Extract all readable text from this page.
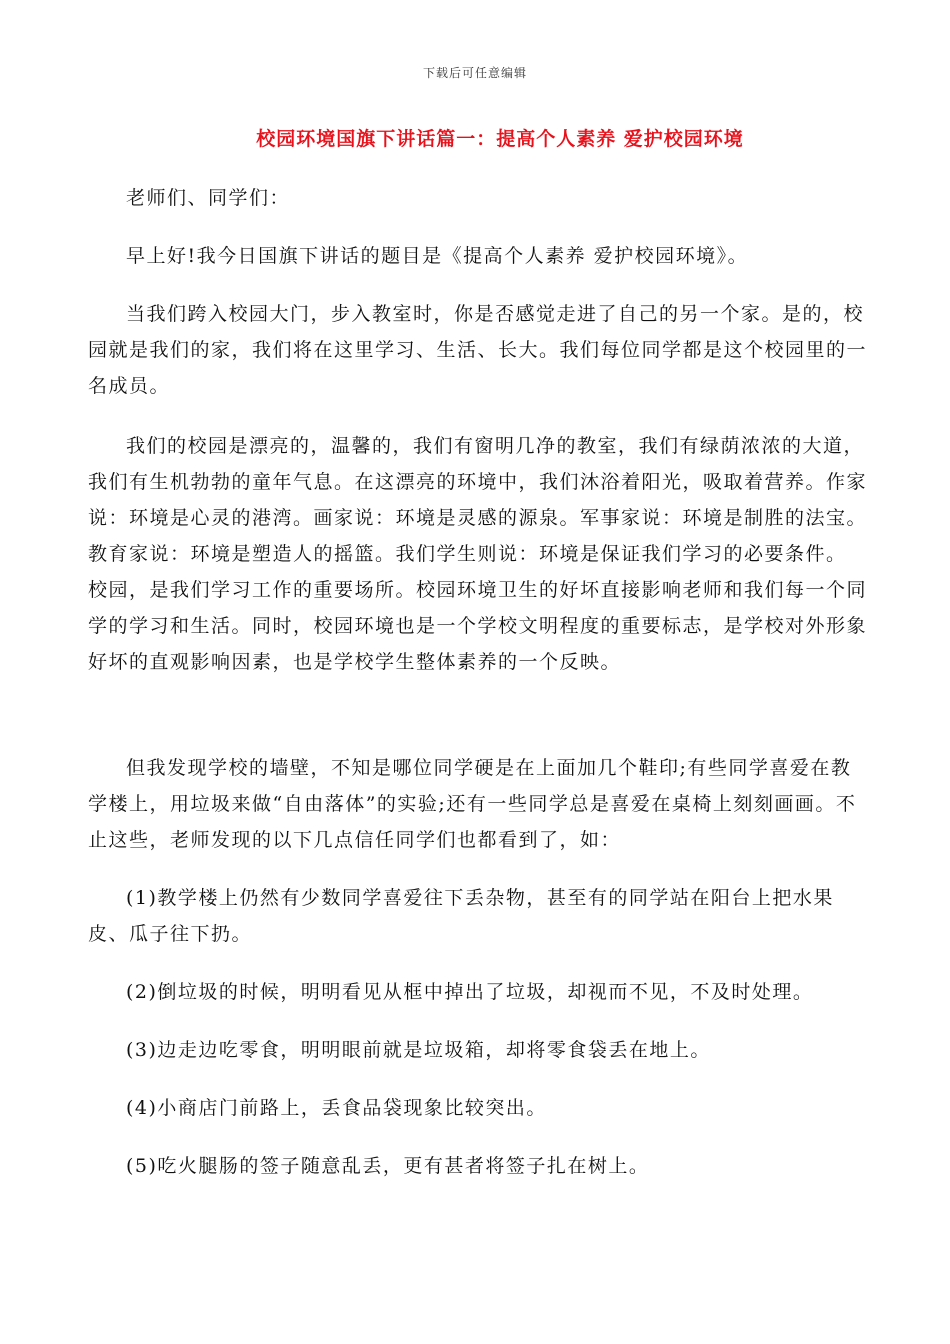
下载后可任意编辑
校园环境国旗下讲话篇一：提高个人素养 爱护校园环境

老师们、同学们：

早上好!我今日国旗下讲话的题目是《提高个人素养 爱护校园环境》。

当我们跨入校园大门，步入教室时，你是否感觉走进了自己的另一个家。是的，校园就是我们的家，我们将在这里学习、生活、长大。我们每位同学都是这个校园里的一名成员。

我们的校园是漂亮的，温馨的，我们有窗明几净的教室，我们有绿荫浓浓的大道，我们有生机勃勃的童年气息。在这漂亮的环境中，我们沐浴着阳光，吸取着营养。作家说：环境是心灵的港湾。画家说：环境是灵感的源泉。军事家说：环境是制胜的法宝。教育家说：环境是塑造人的摇篮。我们学生则说：环境是保证我们学习的必要条件。 校园，是我们学习工作的重要场所。校园环境卫生的好坏直接影响老师和我们每一个同学的学习和生活。同时，校园环境也是一个学校文明程度的重要标志，是学校对外形象好坏的直观影响因素，也是学校学生整体素养的一个反映。

但我发现学校的墙壁，不知是哪位同学硬是在上面加几个鞋印;有些同学喜爱在教学楼上，用垃圾来做“自由落体”的实验;还有一些同学总是喜爱在桌椅上刻刻画画。不止这些，老师发现的以下几点信任同学们也都看到了，如：

(1)教学楼上仍然有少数同学喜爱往下丢杂物，甚至有的同学站在阳台上把水果皮、瓜子往下扔。

(2)倒垃圾的时候，明明看见从框中掉出了垃圾，却视而不见，不及时处理。

(3)边走边吃零食，明明眼前就是垃圾箱，却将零食袋丢在地上。

(4)小商店门前路上，丢食品袋现象比较突出。

(5)吃火腿肠的签子随意乱丢，更有甚者将签子扎在树上。
